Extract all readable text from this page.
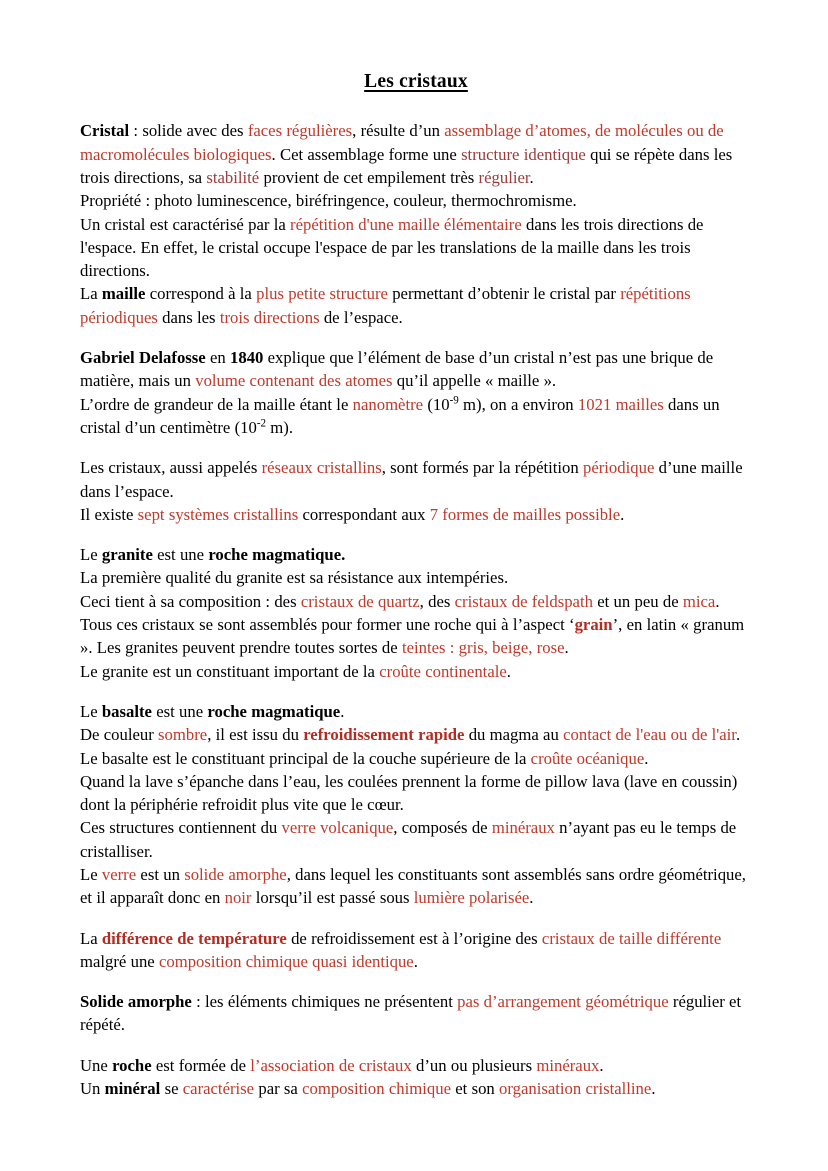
Les cristaux

Cristal : solide avec des faces régulières, résulte d’un assemblage d’atomes, de molécules ou de macromolécules biologiques. Cet assemblage forme une structure identique qui se répète dans les trois directions, sa stabilité provient de cet empilement très régulier.
Propriété : photo luminescence, biréfringence, couleur, thermochromisme.
Un cristal est caractérisé par la répétition d'une maille élémentaire dans les trois directions de l'espace. En effet, le cristal occupe l'espace de par les translations de la maille dans les trois directions.
La maille correspond à la plus petite structure permettant d’obtenir le cristal par répétitions périodiques dans les trois directions de l’espace.

Gabriel Delafosse en 1840 explique que l’élément de base d’un cristal n’est pas une brique de matière, mais un volume contenant des atomes qu’il appelle « maille ».
L’ordre de grandeur de la maille étant le nanomètre ($10^{-9}$ m), on a environ 1021 mailles dans un cristal d’un centimètre ($10^{-2}$ m).

Les cristaux, aussi appelés réseaux cristallins, sont formés par la répétition périodique d’une maille dans l’espace.
Il existe sept systèmes cristallins correspondant aux 7 formes de mailles possible.

Le granite est une roche magmatique.
La première qualité du granite est sa résistance aux intempéries.
Ceci tient à sa composition : des cristaux de quartz, des cristaux de feldspath et un peu de mica. Tous ces cristaux se sont assemblés pour former une roche qui à l’aspect ‘grain’, en latin « granum ». Les granites peuvent prendre toutes sortes de teintes : gris, beige, rose.
Le granite est un constituant important de la croûte continentale.

Le basalte est une roche magmatique.
De couleur sombre, il est issu du refroidissement rapide du magma au contact de l'eau ou de l'air. Le basalte est le constituant principal de la couche supérieure de la croûte océanique.
Quand la lave s’épanche dans l’eau, les coulées prennent la forme de pillow lava (lave en coussin) dont la périphérie refroidit plus vite que le cœur.
Ces structures contiennent du verre volcanique, composés de minéraux n’ayant pas eu le temps de cristalliser.
Le verre est un solide amorphe, dans lequel les constituants sont assemblés sans ordre géométrique, et il apparaît donc en noir lorsqu’il est passé sous lumière polarisée.

La différence de température de refroidissement est à l’origine des cristaux de taille différente malgré une composition chimique quasi identique.

Solide amorphe : les éléments chimiques ne présentent pas d’arrangement géométrique régulier et répété.

Une roche est formée de l’association de cristaux d’un ou plusieurs minéraux.
Un minéral se caractérise par sa composition chimique et son organisation cristalline.
